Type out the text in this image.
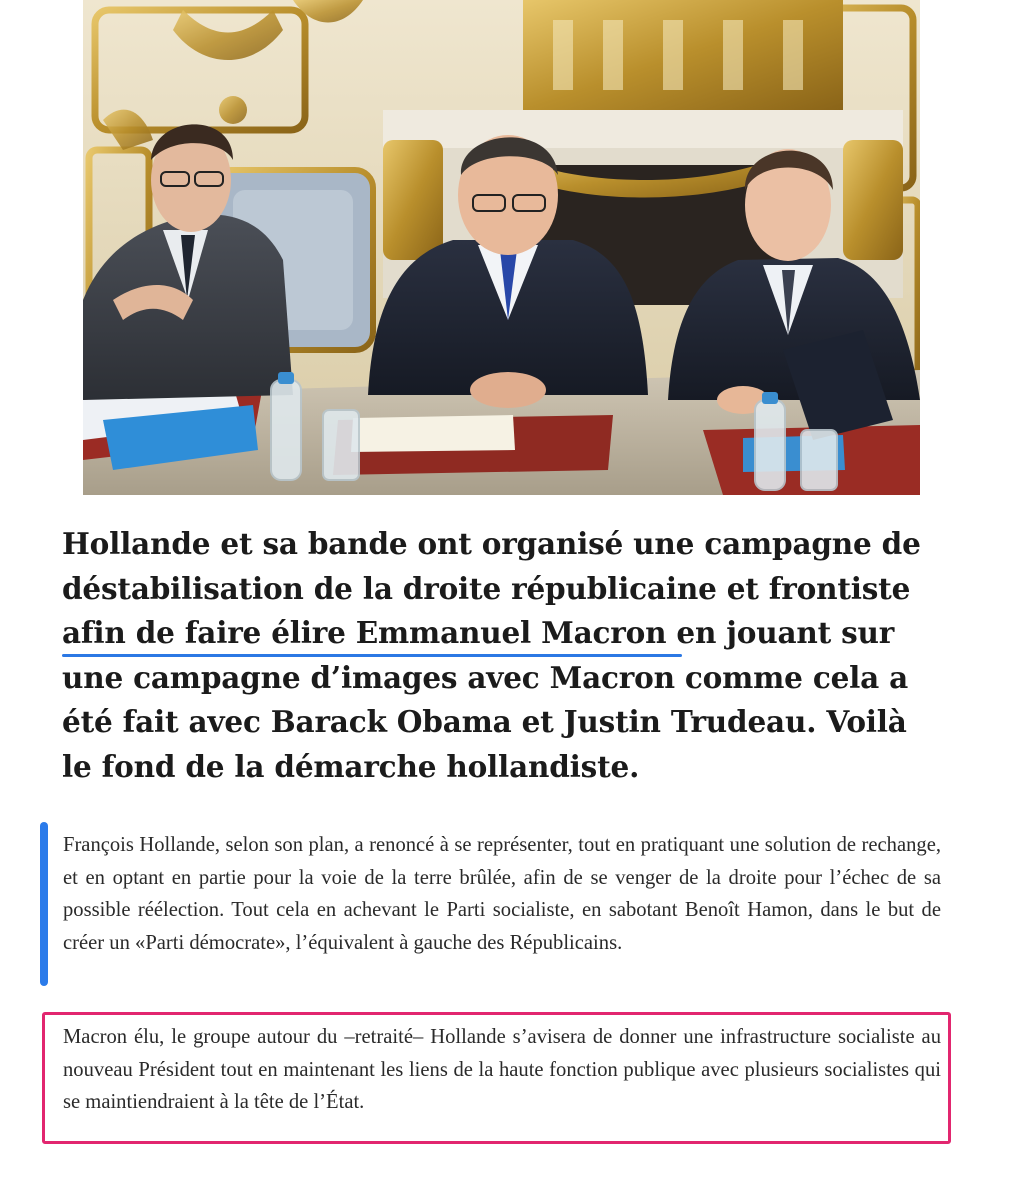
Hollande et sa bande ont organisé une campagne de déstabilisation de la droite républicaine et frontiste afin de faire élire Emmanuel Macron en jouant sur une campagne d’images avec Macron comme cela a été fait avec Barack Obama et Justin Trudeau. Voilà le fond de la démarche hollandiste.

François Hollande, selon son plan, a renoncé à se représenter, tout en pratiquant une solution de rechange, et en optant en partie pour la voie de la terre brûlée, afin de se venger de la droite pour l’échec de sa possible réélection. Tout cela en achevant le Parti socialiste, en sabotant Benoît Hamon, dans le but de créer un «Parti démocrate», l’équivalent à gauche des Républicains.

Macron élu, le groupe autour du –retraité– Hollande s’avisera de donner une infrastructure socialiste au nouveau Président tout en maintenant les liens de la haute fonction publique avec plusieurs socialistes qui se maintiendraient à la tête de l’État.
